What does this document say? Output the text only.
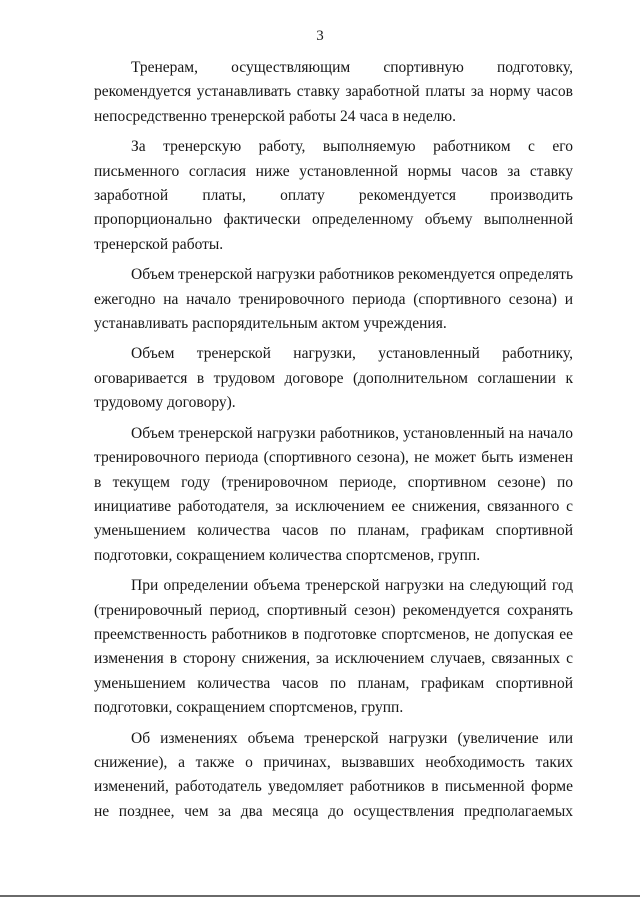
3

Тренерам, осуществляющим спортивную подготовку, рекомендуется устанавливать ставку заработной платы за норму часов непосредственно тренерской работы 24 часа в неделю.

За тренерскую работу, выполняемую работником с его письменного согласия ниже установленной нормы часов за ставку заработной платы, оплату рекомендуется производить пропорционально фактически определенному объему выполненной тренерской работы.

Объем тренерской нагрузки работников рекомендуется определять ежегодно на начало тренировочного периода (спортивного сезона) и устанавливать распорядительным актом учреждения.

Объем тренерской нагрузки, установленный работнику, оговаривается в трудовом договоре (дополнительном соглашении к трудовому договору).

Объем тренерской нагрузки работников, установленный на начало тренировочного периода (спортивного сезона), не может быть изменен в текущем году (тренировочном периоде, спортивном сезоне) по инициативе работодателя, за исключением ее снижения, связанного с уменьшением количества часов по планам, графикам спортивной подготовки, сокращением количества спортсменов, групп.

При определении объема тренерской нагрузки на следующий год (тренировочный период, спортивный сезон) рекомендуется сохранять преемственность работников в подготовке спортсменов, не допуская ее изменения в сторону снижения, за исключением случаев, связанных с уменьшением количества часов по планам, графикам спортивной подготовки, сокращением спортсменов, групп.

Об изменениях объема тренерской нагрузки (увеличение или снижение), а также о причинах, вызвавших необходимость таких изменений, работодатель уведомляет работников в письменной форме не позднее, чем за два месяца до осуществления предполагаемых
